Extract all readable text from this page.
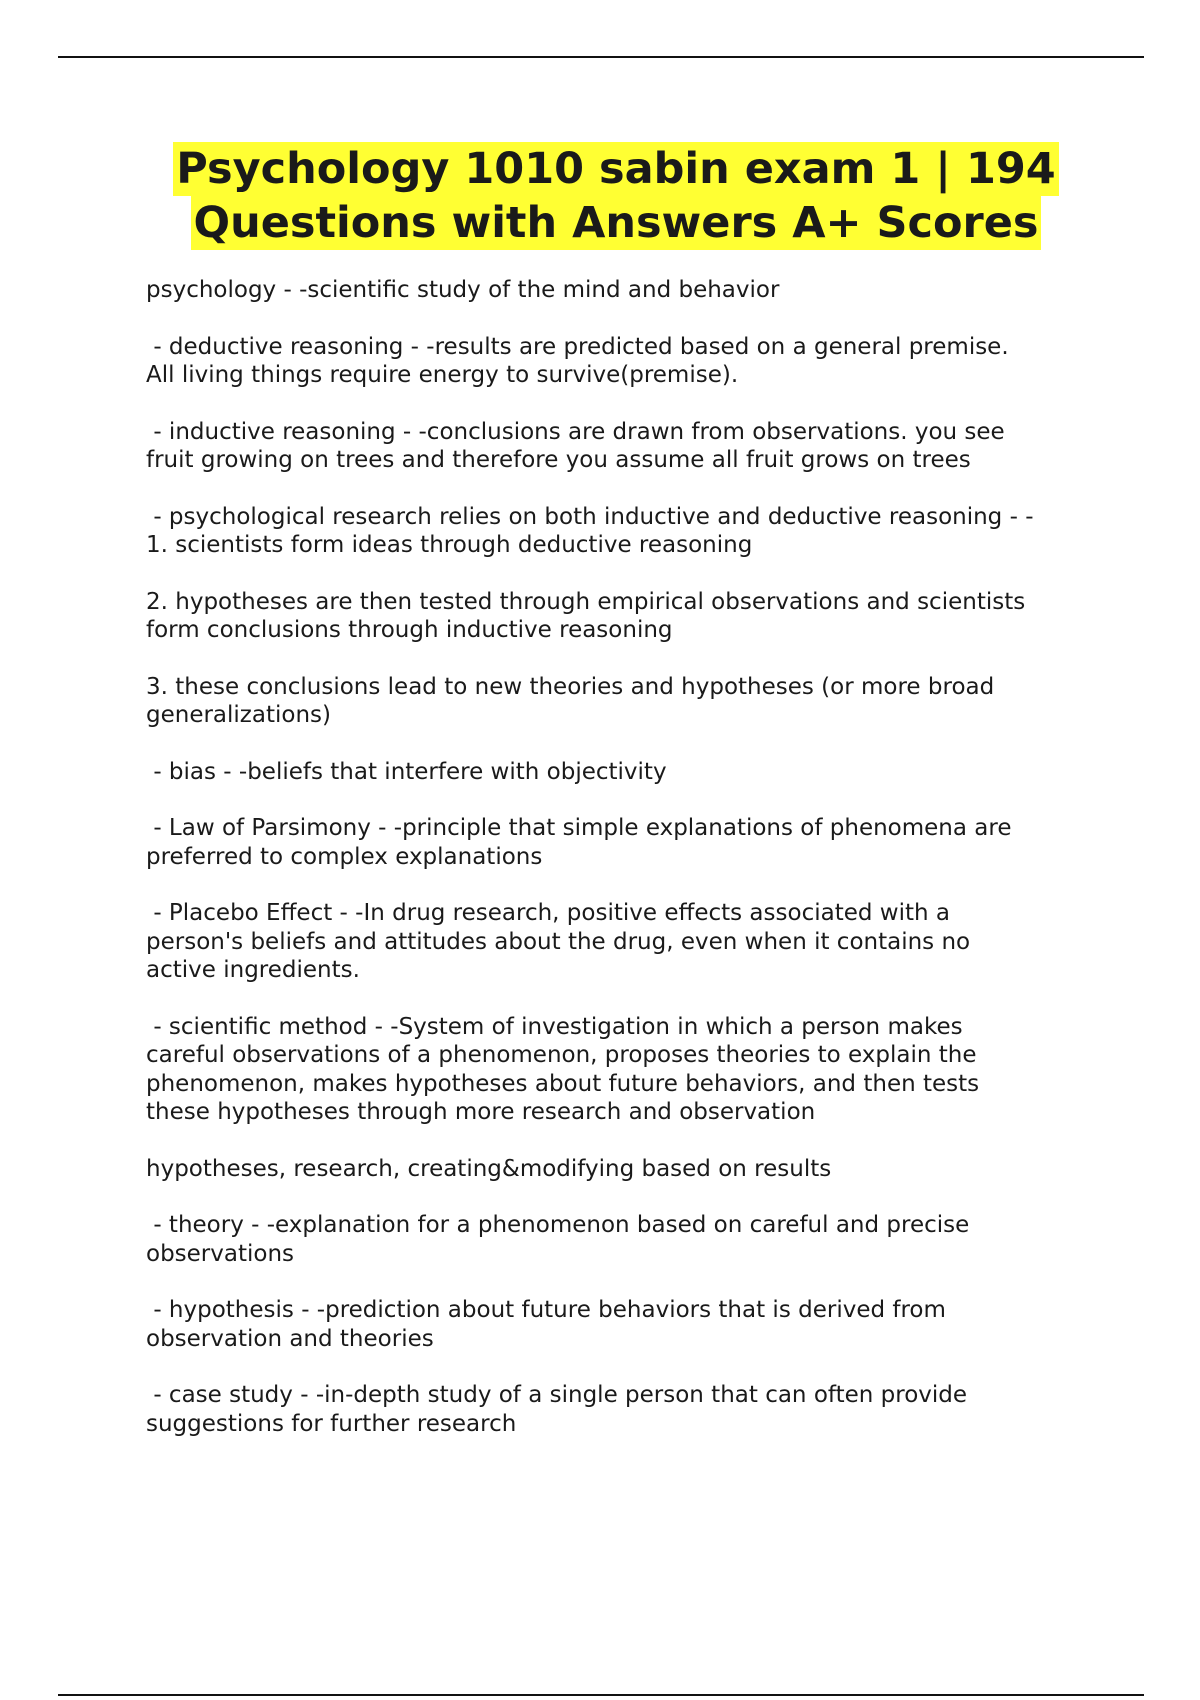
Psychology 1010 sabin exam 1 | 194
Questions with Answers A+ Scores

psychology - -scientific study of the mind and behavior

- deductive reasoning - -results are predicted based on a general premise.
All living things require energy to survive(premise).

- inductive reasoning - -conclusions are drawn from observations. you see
fruit growing on trees and therefore you assume all fruit grows on trees

- psychological research relies on both inductive and deductive reasoning - -
1. scientists form ideas through deductive reasoning

2. hypotheses are then tested through empirical observations and scientists
form conclusions through inductive reasoning

3. these conclusions lead to new theories and hypotheses (or more broad
generalizations)

- bias - -beliefs that interfere with objectivity

- Law of Parsimony - -principle that simple explanations of phenomena are
preferred to complex explanations

- Placebo Effect - -In drug research, positive effects associated with a
person's beliefs and attitudes about the drug, even when it contains no
active ingredients.

- scientific method - -System of investigation in which a person makes
careful observations of a phenomenon, proposes theories to explain the
phenomenon, makes hypotheses about future behaviors, and then tests
these hypotheses through more research and observation

hypotheses, research, creating&modifying based on results

- theory - -explanation for a phenomenon based on careful and precise
observations

- hypothesis - -prediction about future behaviors that is derived from
observation and theories

- case study - -in-depth study of a single person that can often provide
suggestions for further research
